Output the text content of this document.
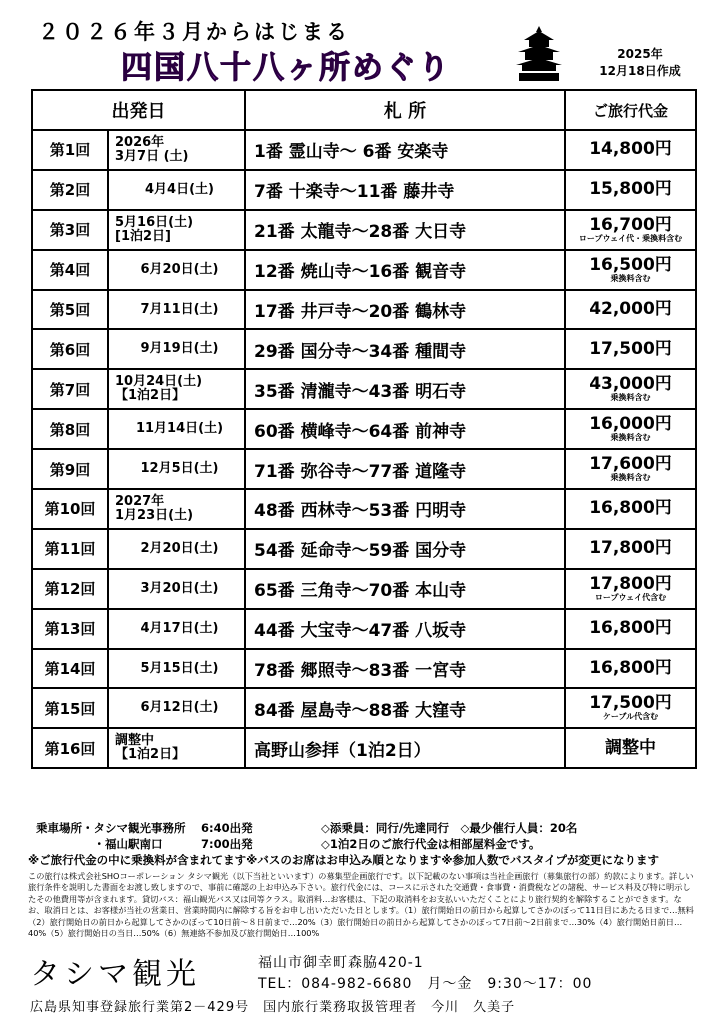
２０２６年３月からはじまる
四国八十八ヶ所めぐり	2025年
12月18日作成
出発日		札 所	ご旅行代金
第1回	2026年
3月7日 (土)	1番 霊山寺～ 6番 安楽寺	14,800円

第2回	4月4日(土)	7番 十楽寺～11番 藤井寺	15,800円

第3回	5月16日(土)
[1泊2日]	21番 太龍寺～28番 大日寺	16,700円
ロープウェイ代・乗換料含む

第4回	6月20日(土)	12番 焼山寺～16番 観音寺	16,500円
乗換料含む

第5回	7月11日(土)	17番 井戸寺～20番 鶴林寺	42,000円

第6回	9月19日(土)	29番 国分寺～34番 種間寺	17,500円

第7回	10月24日(土)
【1泊2日】	35番 清瀧寺～43番 明石寺	43,000円
乗換料含む

第8回	11月14日(土)	60番 横峰寺～64番 前神寺	16,000円
乗換料含む

第9回	12月5日(土)	71番 弥谷寺～77番 道隆寺	17,600円
乗換料含む

第10回	2027年
1月23日(土)	48番 西林寺～53番 円明寺	16,800円

第11回	2月20日(土)	54番 延命寺～59番 国分寺	17,800円

第12回	3月20日(土)	65番 三角寺～70番 本山寺	17,800円
ロープウェイ代含む

第13回	4月17日(土)	44番 大宝寺～47番 八坂寺	16,800円

第14回	5月15日(土)	78番 郷照寺～83番 一宮寺	16,800円

第15回	6月12日(土)	84番 屋島寺～88番 大窪寺	17,500円
ケーブル代含む

第16回	調整中
【1泊2日】	高野山参拝（1泊2日）	調整中
乗車場所・タシマ観光事務所　 6:40出発
　　　　　・福山駅南口　　　 7:00出発
◇添乗員：同行/先達同行　◇最少催行人員：20名
◇1泊2日のご旅行代金は相部屋料金です。
※ご旅行代金の中に乗換料が含まれてます※バスのお席はお申込み順となります※参加人数でバスタイプが変更になります
この旅行は株式会社SHOコーポレーション タシマ観光（以下当社といいます）の募集型企画旅行です。以下記載のない事項は当社企画旅行（募集旅行の部）約款によります。詳しい旅行条件を説明した書面をお渡し致しますので、事前に確認の上お申込み下さい。旅行代金には、コースに示された交通費・食事費・消費税などの諸税、サービス料及び特に明示したその他費用等が含まれます。貸切バス：福山観光バス又は同等クラス。取消料…お客様は、下記の取消料をお支払いいただくことにより旅行契約を解除することができます。なお、取消日とは、お客様が当社の営業日、営業時間内に解除する旨をお申し出いただいた日とします。（1）旅行開始日の前日から起算してさかのぼって11日目にあたる日まで…無料（2）旅行開始日の前日から起算してさかのぼって10日前～８日前まで…20%（3）旅行開始日の前日から起算してさかのぼって7日前～2日前まで…30%（4）旅行開始日前日…40%（5）旅行開始日の当日…50%（6）無連絡不参加及び旅行開始日…100%
タシマ観光	福山市御幸町森脇420-1
TEL：084-982-6680　月～金　9:30～17：00
広島県知事登録旅行業第2－429号　国内旅行業務取扱管理者　今川　久美子
